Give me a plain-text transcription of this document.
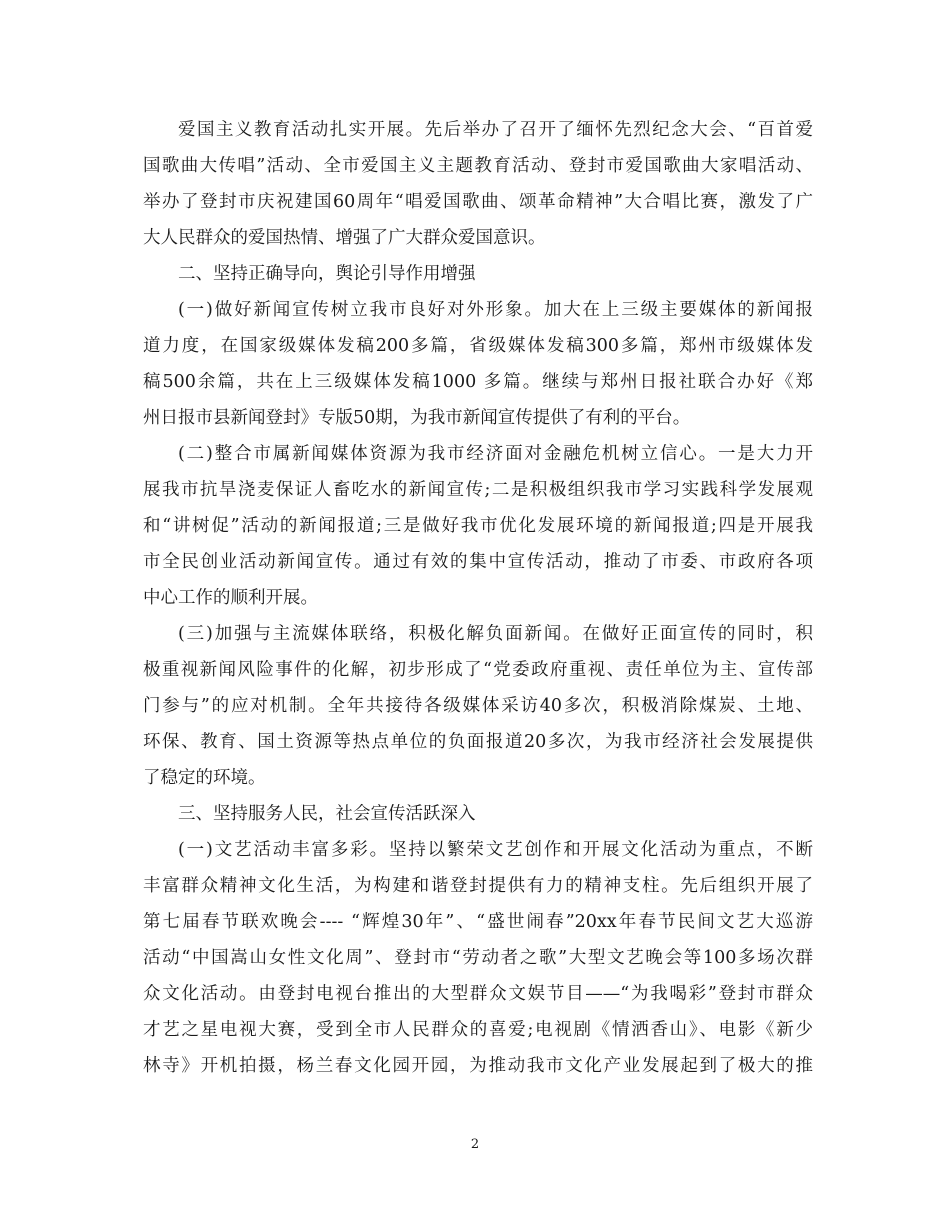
爱国主义教育活动扎实开展。先后举办了召开了缅怀先烈纪念大会、“百首爱
国歌曲大传唱”活动、全市爱国主义主题教育活动、登封市爱国歌曲大家唱活动、
举办了登封市庆祝建国60周年“唱爱国歌曲、颂革命精神”大合唱比赛，激发了广
大人民群众的爱国热情、增强了广大群众爱国意识。
二、坚持正确导向，舆论引导作用增强
(一)做好新闻宣传树立我市良好对外形象。加大在上三级主要媒体的新闻报
道力度，在国家级媒体发稿200多篇，省级媒体发稿300多篇，郑州市级媒体发
稿500余篇，共在上三级媒体发稿1000 多篇。继续与郑州日报社联合办好《郑
州日报市县新闻登封》专版50期，为我市新闻宣传提供了有利的平台。
(二)整合市属新闻媒体资源为我市经济面对金融危机树立信心。一是大力开
展我市抗旱浇麦保证人畜吃水的新闻宣传;二是积极组织我市学习实践科学发展观
和“讲树促”活动的新闻报道;三是做好我市优化发展环境的新闻报道;四是开展我
市全民创业活动新闻宣传。通过有效的集中宣传活动，推动了市委、市政府各项
中心工作的顺利开展。
(三)加强与主流媒体联络，积极化解负面新闻。在做好正面宣传的同时，积
极重视新闻风险事件的化解，初步形成了“党委政府重视、责任单位为主、宣传部
门参与”的应对机制。全年共接待各级媒体采访40多次，积极消除煤炭、土地、
环保、教育、国土资源等热点单位的负面报道20多次，为我市经济社会发展提供
了稳定的环境。
三、坚持服务人民，社会宣传活跃深入
(一)文艺活动丰富多彩。坚持以繁荣文艺创作和开展文化活动为重点，不断
丰富群众精神文化生活，为构建和谐登封提供有力的精神支柱。先后组织开展了
第七届春节联欢晚会---- “辉煌30年”、“盛世闹春”20xx年春节民间文艺大巡游
活动“中国嵩山女性文化周”、登封市“劳动者之歌”大型文艺晚会等100多场次群
众文化活动。由登封电视台推出的大型群众文娱节目——“为我喝彩”登封市群众
才艺之星电视大赛，受到全市人民群众的喜爱;电视剧《情洒香山》、电影《新少
林寺》开机拍摄，杨兰春文化园开园，为推动我市文化产业发展起到了极大的推
2
